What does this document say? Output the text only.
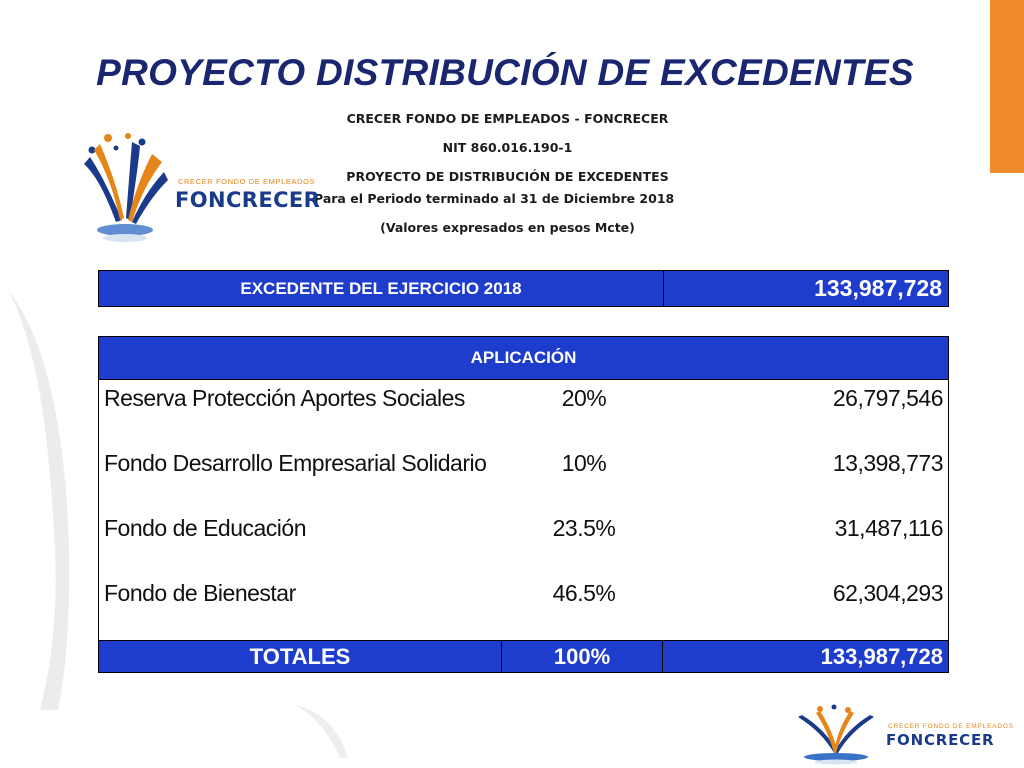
PROYECTO DISTRIBUCIÓN DE EXCEDENTES
CRECER FONDO DE EMPLEADOS - FONCRECER
NIT 860.016.190-1
PROYECTO DE DISTRIBUCIÓN DE EXCEDENTES
Para el Periodo terminado al 31 de Diciembre 2018
(Valores expresados en pesos Mcte)
CRECER FONDO DE EMPLEADOS
FONCRECER
EXCEDENTE DEL EJERCICIO 2018	133,987,728
APLICACIÓN
Reserva Protección Aportes Sociales	20%	26,797,546
Fondo Desarrollo Empresarial Solidario	10%	13,398,773
Fondo de Educación	23.5%	31,487,116
Fondo de Bienestar	46.5%	62,304,293
TOTALES	100%	133,987,728
CRECER FONDO DE EMPLEADOS
FONCRECER
